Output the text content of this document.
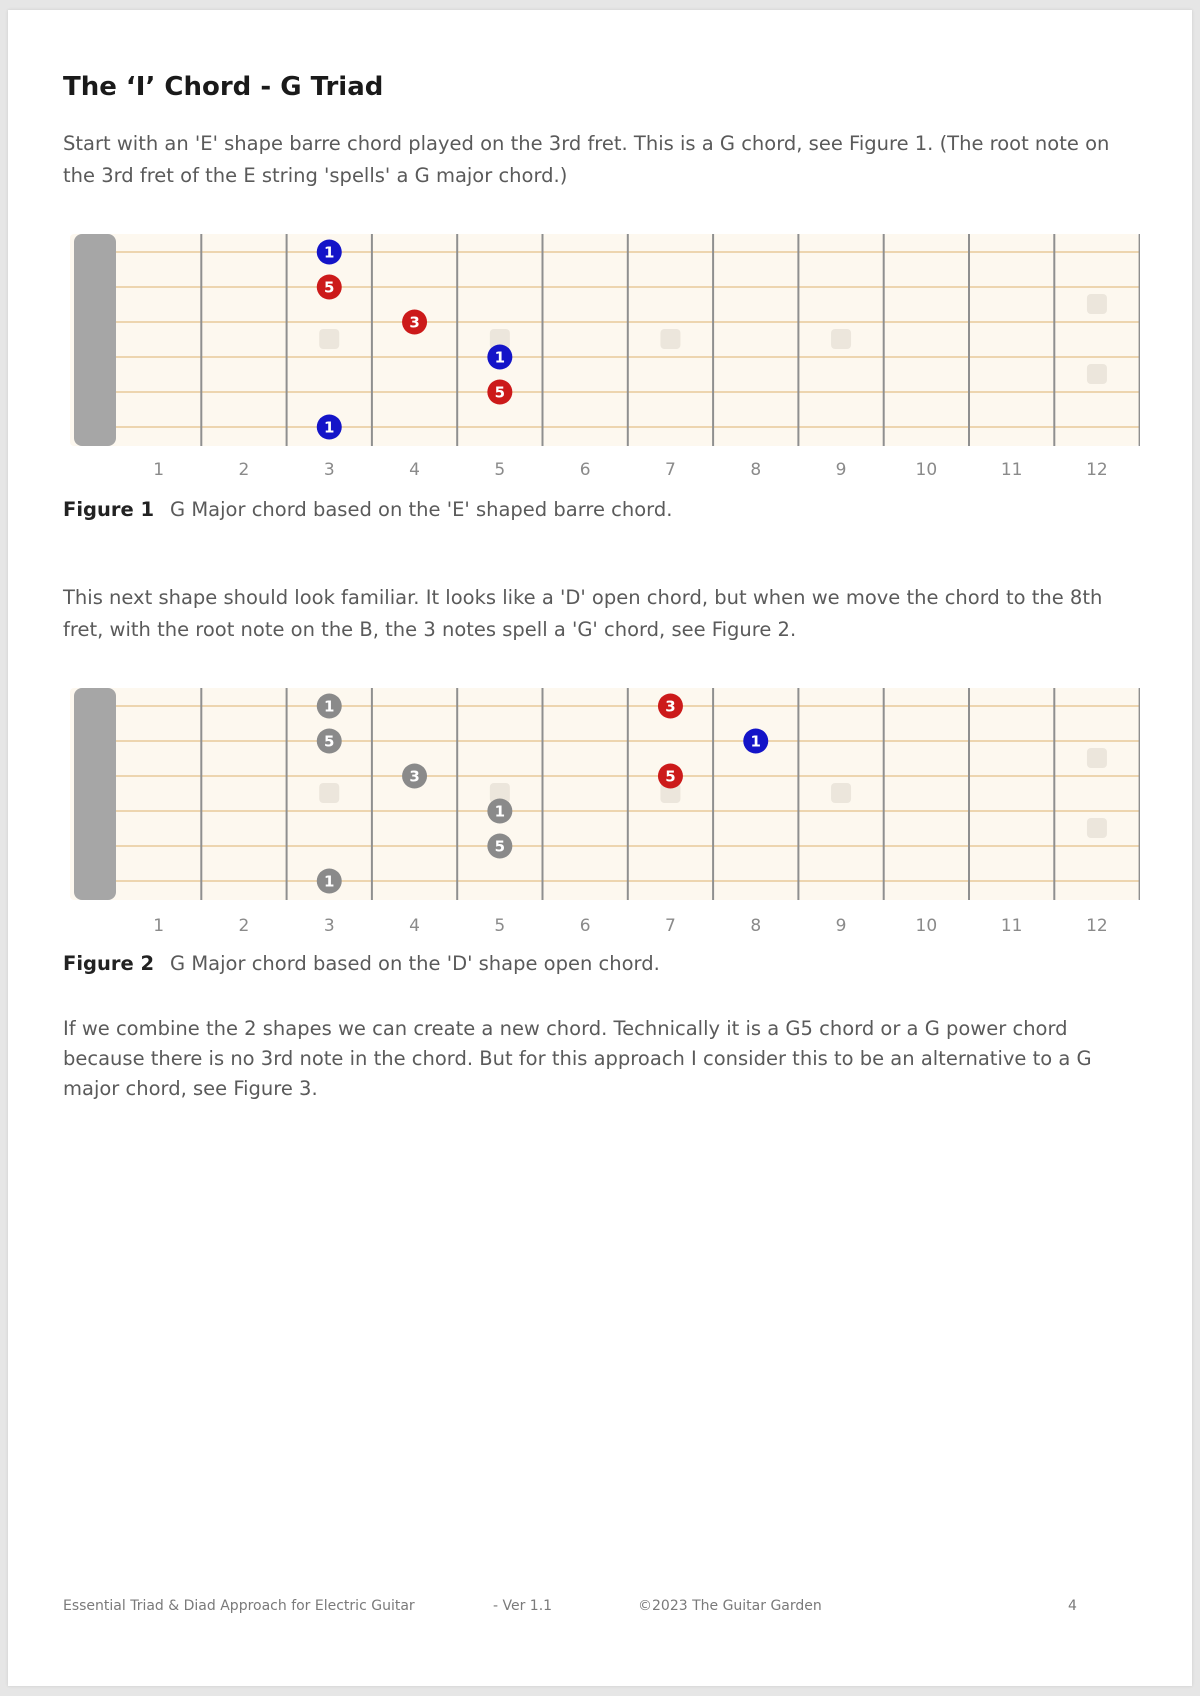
The ‘I’ Chord - G Triad

Start with an 'E' shape barre chord played on the 3rd fret. This is a G chord, see Figure 1. (The root note on the 3rd fret of the E string 'spells' a G major chord.)

1
5
3
1
5
1
1	2	3	4	5	6	7	8	9	10	11	12

Figure 1 G Major chord based on the 'E' shaped barre chord.

This next shape should look familiar. It looks like a 'D' open chord, but when we move the chord to the 8th fret, with the root note on the B, the 3 notes spell a 'G' chord, see Figure 2.

1
5
3
1
5
1
3
1
5
1	2	3	4	5	6	7	8	9	10	11	12

Figure 2 G Major chord based on the 'D' shape open chord.

If we combine the 2 shapes we can create a new chord. Technically it is a G5 chord or a G power chord because there is no 3rd note in the chord. But for this approach I consider this to be an alternative to a G major chord, see Figure 3.

Essential Triad & Diad Approach for Electric Guitar	- Ver 1.1	©2023 The Guitar Garden	4
